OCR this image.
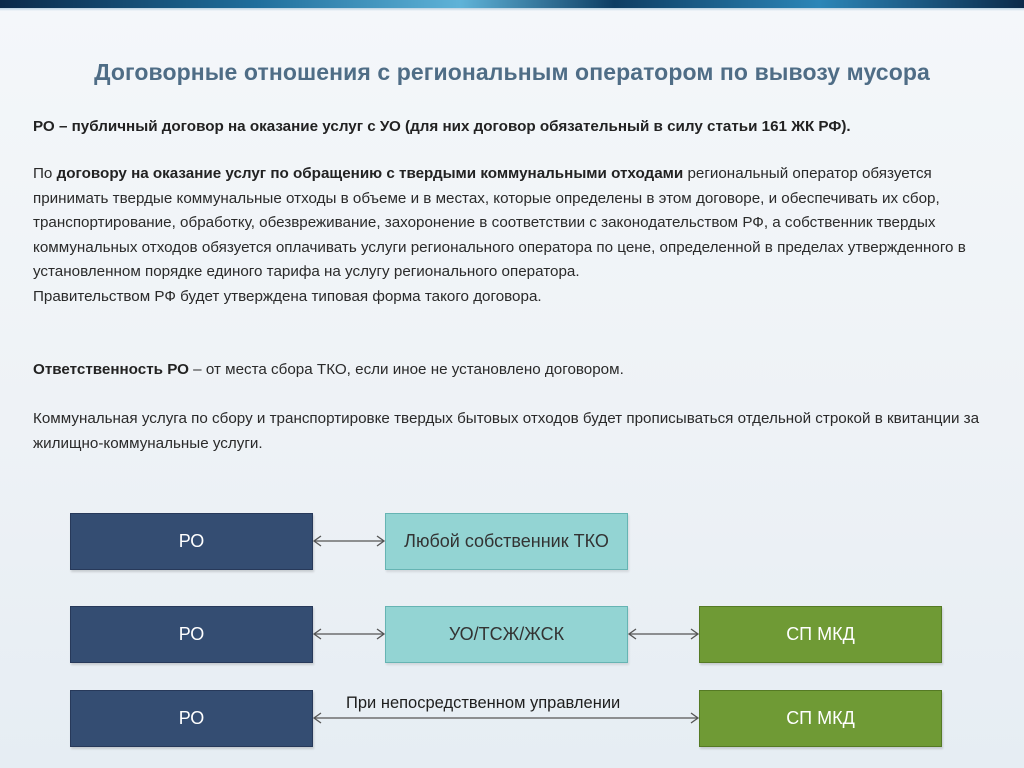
Договорные отношения с региональным оператором по вывозу мусора

РО – публичный договор на оказание услуг с УО (для них договор обязательный в силу статьи 161 ЖК РФ).

По договору на оказание услуг по обращению с твердыми коммунальными отходами региональный оператор обязуется принимать твердые коммунальные отходы в объеме и в местах, которые определены в этом договоре, и обеспечивать их сбор, транспортирование, обработку, обезвреживание, захоронение в соответствии с законодательством РФ, а собственник твердых коммунальных отходов обязуется оплачивать услуги регионального оператора по цене, определенной в пределах утвержденного в установленном порядке единого тарифа на услугу регионального оператора.
Правительством РФ будет утверждена типовая форма такого договора.

Ответственность РО – от места сбора ТКО, если иное не установлено договором.

Коммунальная услуга по сбору и транспортировке твердых бытовых отходов будет прописываться отдельной строкой в квитанции за жилищно-коммунальные услуги.

РО	Любой собственник ТКО
РО	УО/ТСЖ/ЖСК	СП МКД
РО
При непосредственном управлении
СП МКД
